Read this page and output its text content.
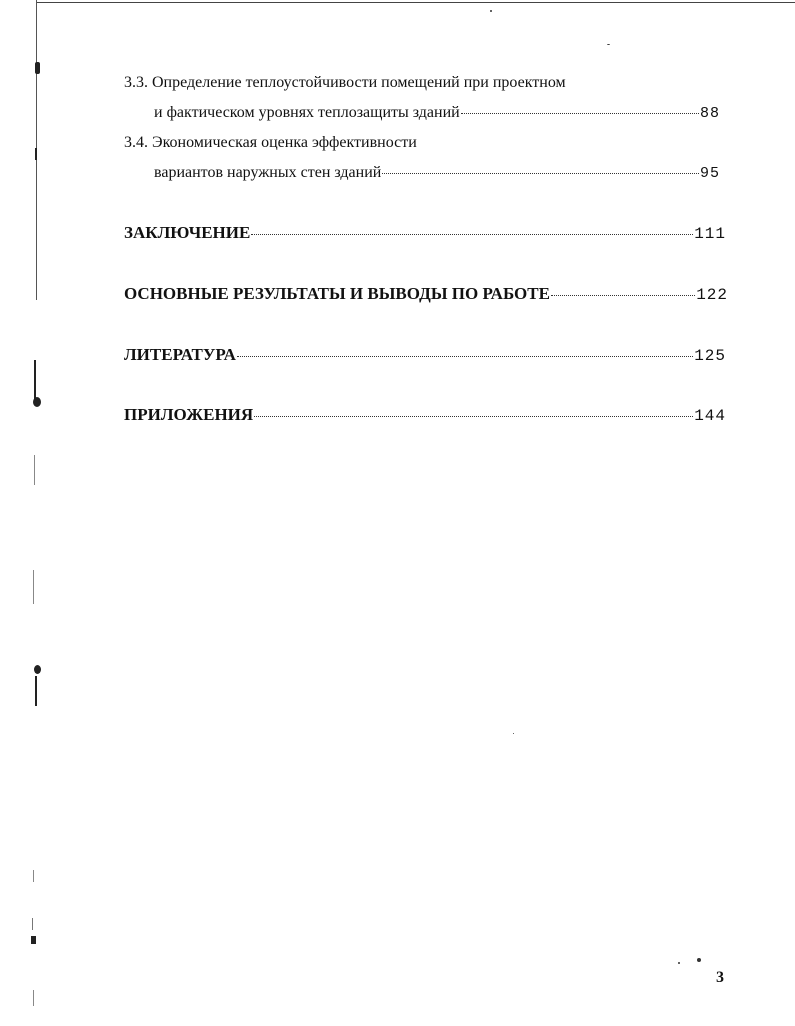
3.3. Определение теплоустойчивости помещений при проектном
и фактическом уровнях теплозащиты зданий	88
3.4. Экономическая оценка эффективности
вариантов наружных стен зданий	95
ЗАКЛЮЧЕНИЕ	111
ОСНОВНЫЕ РЕЗУЛЬТАТЫ И ВЫВОДЫ ПО РАБОТЕ	122
ЛИТЕРАТУРА	125
ПРИЛОЖЕНИЯ	144
3
